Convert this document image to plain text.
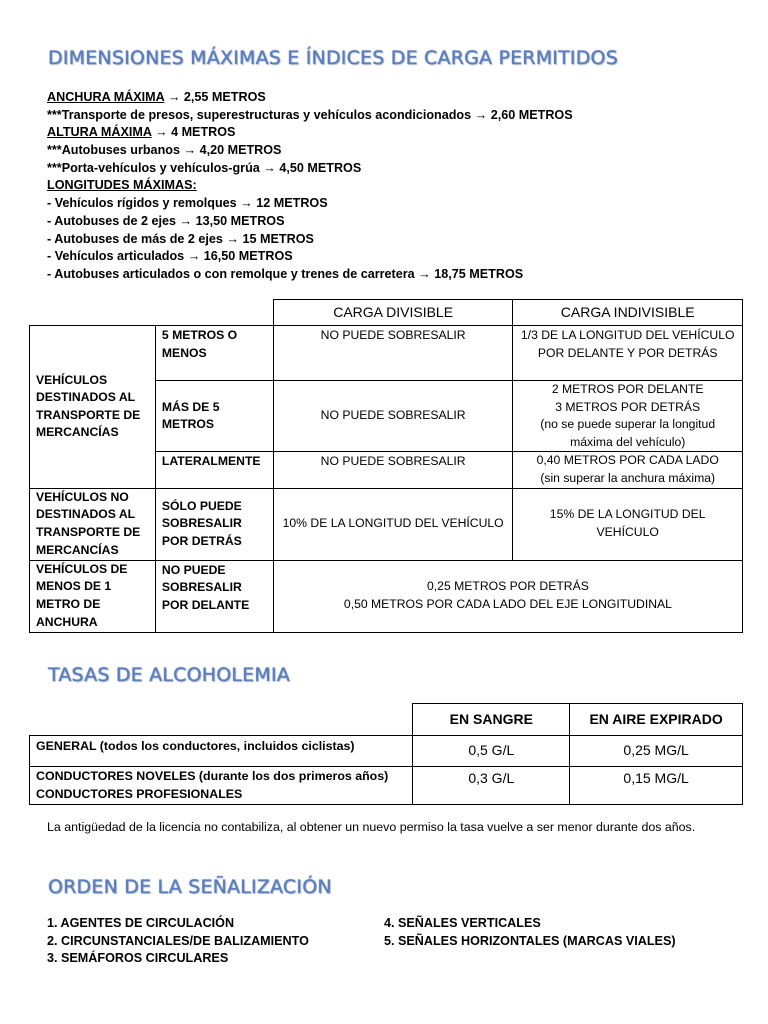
DIMENSIONES MÁXIMAS E ÍNDICES DE CARGA PERMITIDOS
ANCHURA MÁXIMA → 2,55 METROS
***Transporte de presos, superestructuras y vehículos acondicionados → 2,60 METROS
ALTURA MÁXIMA → 4 METROS
***Autobuses urbanos → 4,20 METROS
***Porta-vehículos y vehículos-grúa → 4,50 METROS
LONGITUDES MÁXIMAS:
- Vehículos rígidos y remolques → 12 METROS
- Autobuses de 2 ejes → 13,50 METROS
- Autobuses de más de 2 ejes → 15 METROS
- Vehículos articulados → 16,50 METROS
- Autobuses articulados o con remolque y trenes de carretera → 18,75 METROS
		CARGA DIVISIBLE	CARGA INDIVISIBLE
VEHÍCULOS DESTINADOS AL TRANSPORTE DE MERCANCÍAS	5 METROS O MENOS	NO PUEDE SOBRESALIR	1/3 DE LA LONGITUD DEL VEHÍCULO POR DELANTE Y POR DETRÁS
	MÁS DE 5 METROS	NO PUEDE SOBRESALIR	2 METROS POR DELANTE
3 METROS POR DETRÁS
(no se puede superar la longitud máxima del vehículo)

	LATERALMENTE	NO PUEDE SOBRESALIR	0,40 METROS POR CADA LADO
(sin superar la anchura máxima)

VEHÍCULOS NO DESTINADOS AL TRANSPORTE DE MERCANCÍAS	SÓLO PUEDE SOBRESALIR POR DETRÁS	10% DE LA LONGITUD DEL VEHÍCULO	15% DE LA LONGITUD DEL VEHÍCULO
VEHÍCULOS DE MENOS DE 1 METRO DE ANCHURA	NO PUEDE SOBRESALIR POR DELANTE	0,25 METROS POR DETRÁS
0,50 METROS POR CADA LADO DEL EJE LONGITUDINAL	
TASAS DE ALCOHOLEMIA
	EN SANGRE	EN AIRE EXPIRADO

GENERAL (todos los conductores, incluidos ciclistas)	0,5 G/L	0,25 MG/L

CONDUCTORES NOVELES (durante los dos primeros años)
CONDUCTORES PROFESIONALES	0,3 G/L	0,15 MG/L
La antigüedad de la licencia no contabiliza, al obtener un nuevo permiso la tasa vuelve a ser menor durante dos años.
ORDEN DE LA SEÑALIZACIÓN
1. AGENTES DE CIRCULACIÓN
2. CIRCUNSTANCIALES/DE BALIZAMIENTO
3. SEMÁFOROS CIRCULARES
4. SEÑALES VERTICALES
5. SEÑALES HORIZONTALES (MARCAS VIALES)
